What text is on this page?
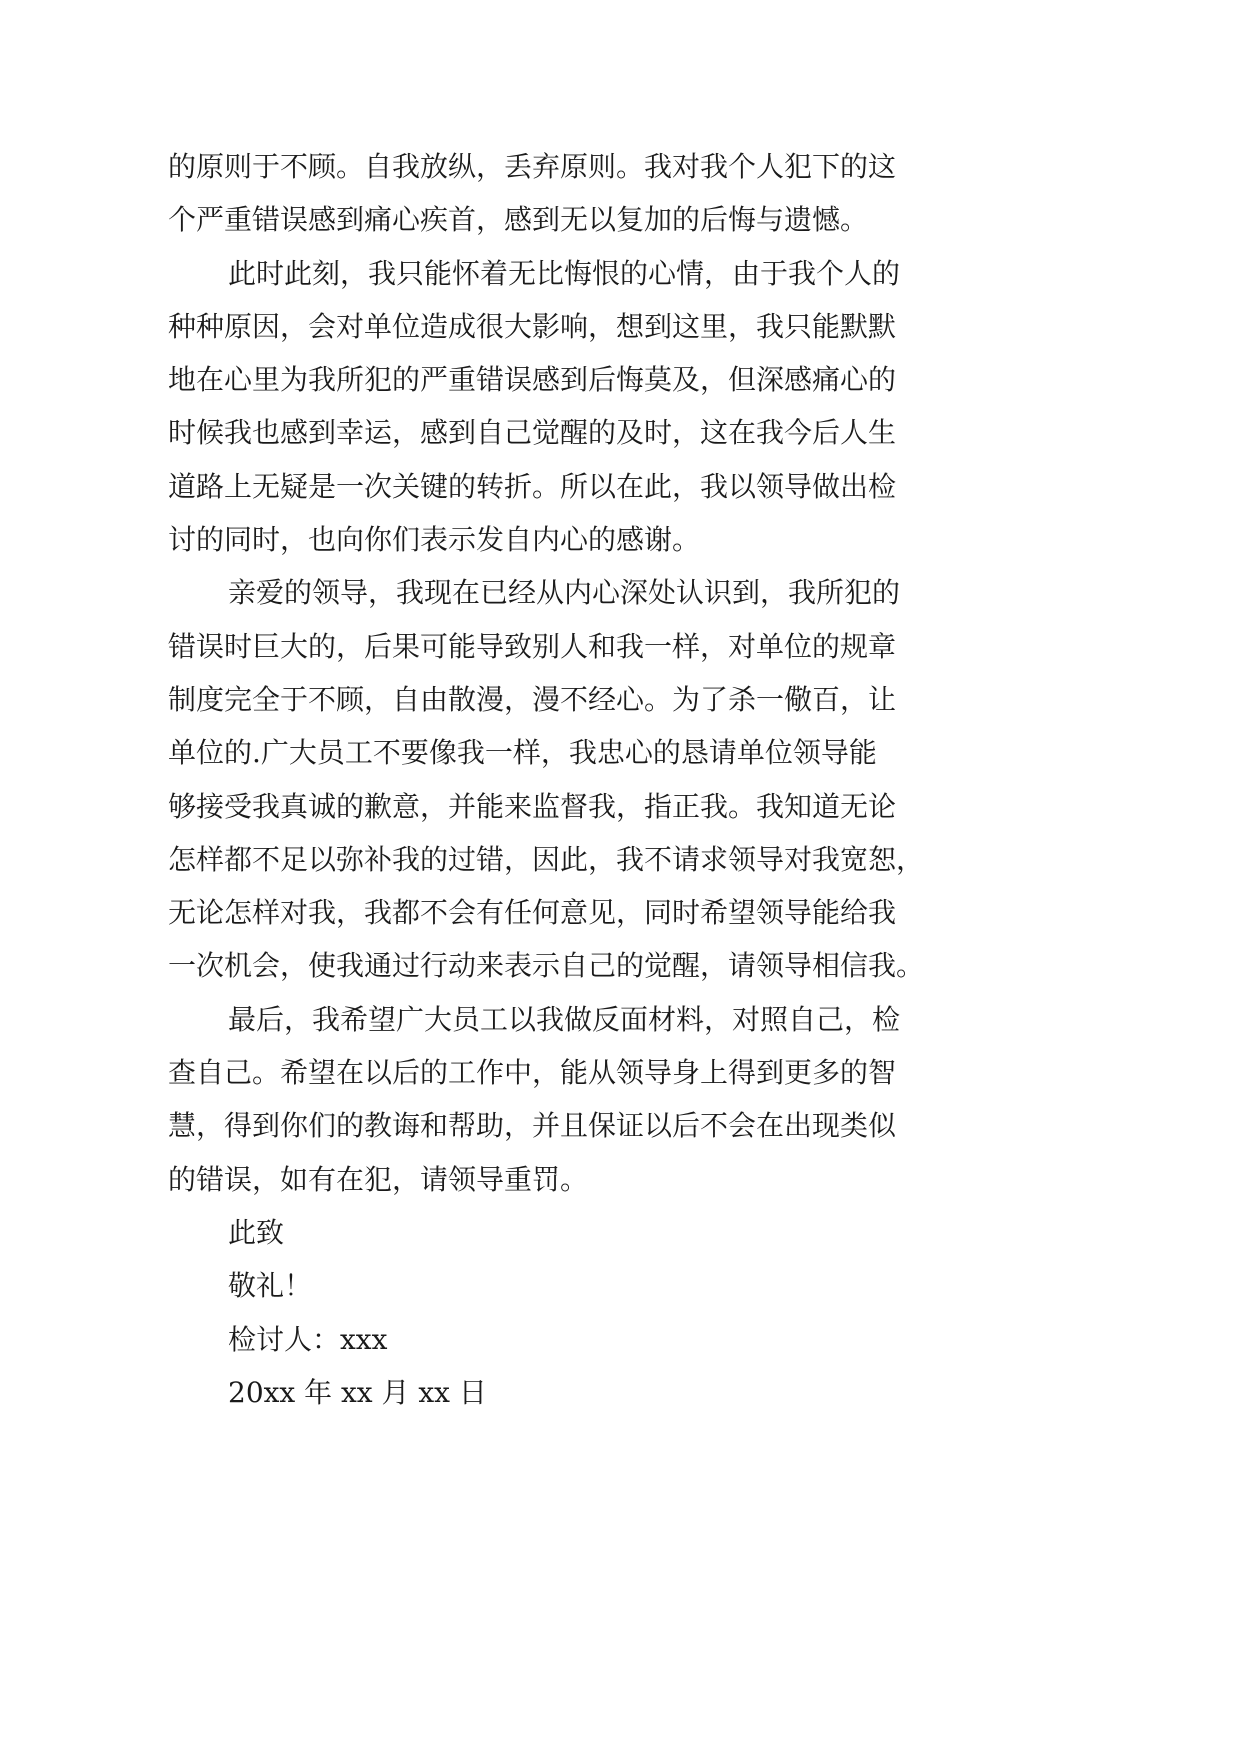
的原则于不顾。自我放纵，丢弃原则。我对我个人犯下的这
个严重错误感到痛心疾首，感到无以复加的后悔与遗憾。
此时此刻，我只能怀着无比悔恨的心情，由于我个人的
种种原因，会对单位造成很大影响，想到这里，我只能默默
地在心里为我所犯的严重错误感到后悔莫及，但深感痛心的
时候我也感到幸运，感到自己觉醒的及时，这在我今后人生
道路上无疑是一次关键的转折。所以在此，我以领导做出检
讨的同时，也向你们表示发自内心的感谢。
亲爱的领导，我现在已经从内心深处认识到，我所犯的
错误时巨大的，后果可能导致别人和我一样，对单位的规章
制度完全于不顾，自由散漫，漫不经心。为了杀一儆百，让
单位的.广大员工不要像我一样，我忠心的恳请单位领导能
够接受我真诚的歉意，并能来监督我，指正我。我知道无论
怎样都不足以弥补我的过错，因此，我不请求领导对我宽恕，
无论怎样对我，我都不会有任何意见，同时希望领导能给我
一次机会，使我通过行动来表示自己的觉醒，请领导相信我。
最后，我希望广大员工以我做反面材料，对照自己，检
查自己。希望在以后的工作中，能从领导身上得到更多的智
慧，得到你们的教诲和帮助，并且保证以后不会在出现类似
的错误，如有在犯，请领导重罚。
此致
敬礼！
检讨人：xxx
20xx 年 xx 月 xx 日
